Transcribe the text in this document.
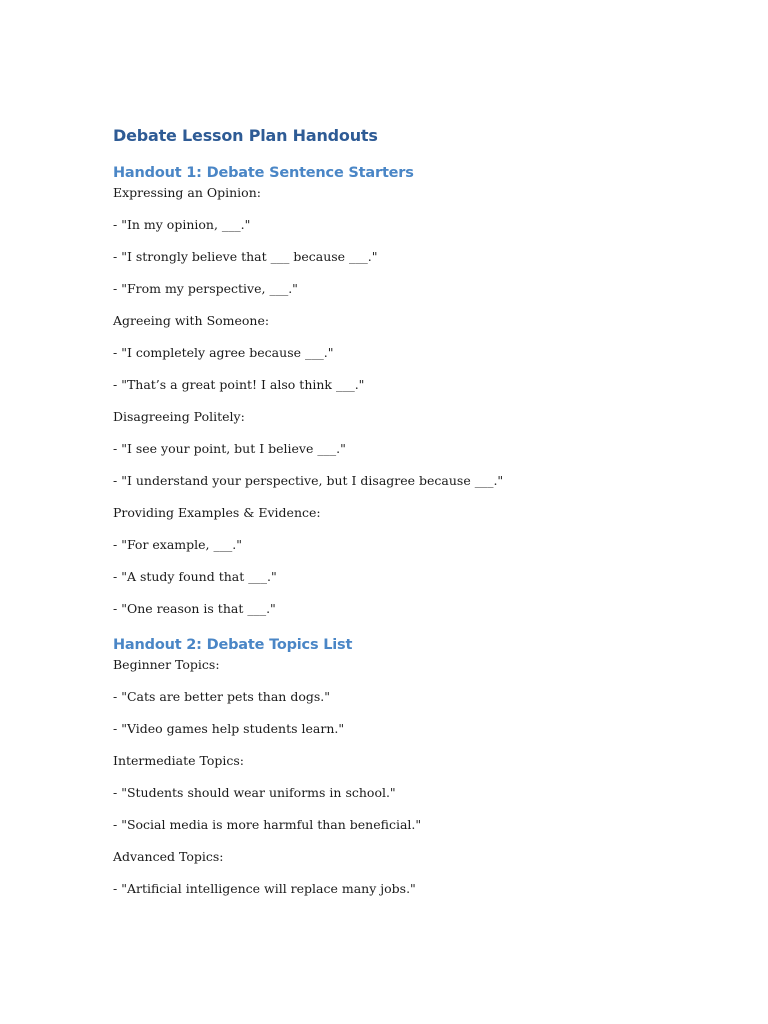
Debate Lesson Plan Handouts
Handout 1: Debate Sentence Starters

Expressing an Opinion:

- "In my opinion, ___."

- "I strongly believe that ___ because ___."

- "From my perspective, ___."

Agreeing with Someone:

- "I completely agree because ___."

- "That’s a great point! I also think ___."

Disagreeing Politely:

- "I see your point, but I believe ___."

- "I understand your perspective, but I disagree because ___."

Providing Examples & Evidence:

- "For example, ___."

- "A study found that ___."

- "One reason is that ___."

Handout 2: Debate Topics List

Beginner Topics:

- "Cats are better pets than dogs."

- "Video games help students learn."

Intermediate Topics:

- "Students should wear uniforms in school."

- "Social media is more harmful than beneficial."

Advanced Topics:

- "Artificial intelligence will replace many jobs."
